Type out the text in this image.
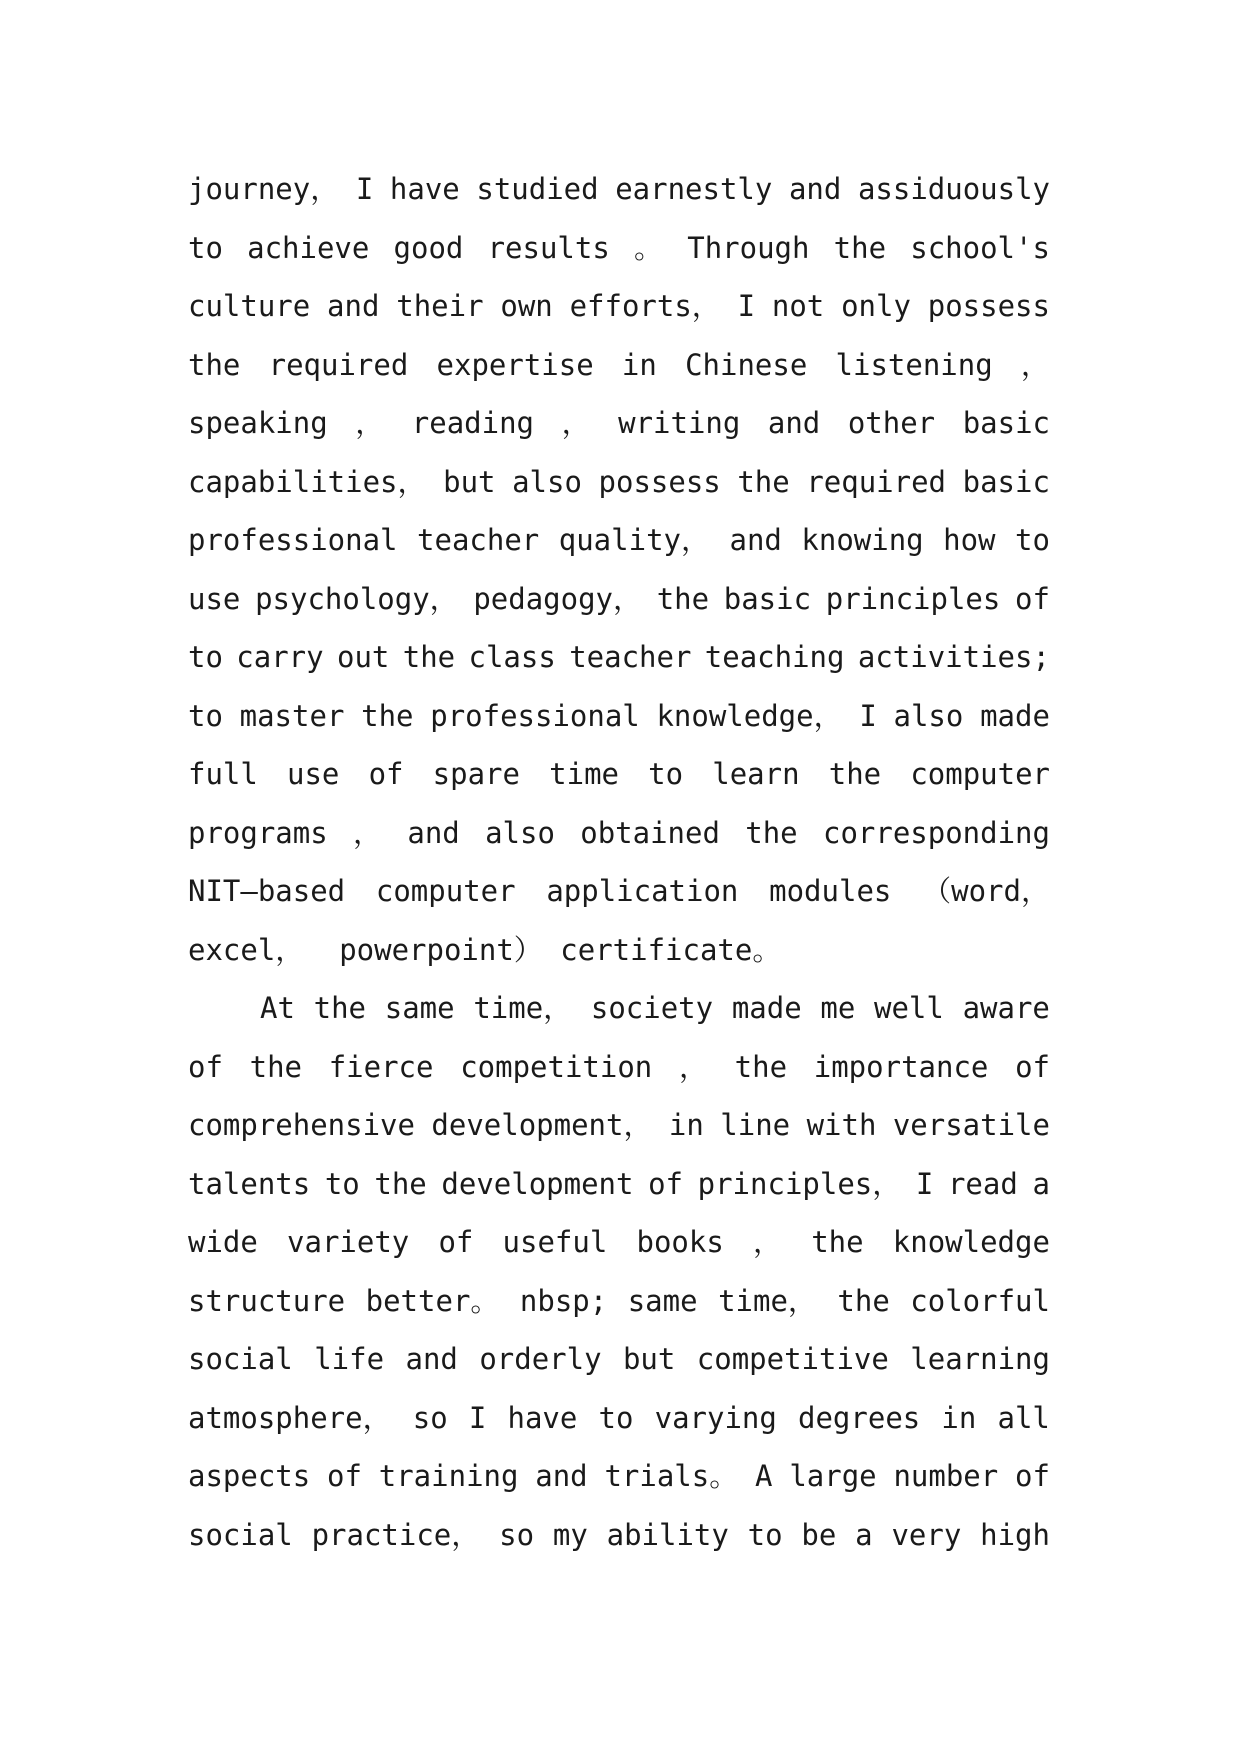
journey， I have studied earnestly and assiduously
to achieve good results 。 Through the school's
culture and their own efforts， I not only possess
the required expertise in Chinese listening ，
speaking ， reading ， writing and other basic
capabilities， but also possess the required basic
professional teacher quality， and knowing how to
use psychology， pedagogy， the basic principles of
to carry out the class teacher teaching activities;
to master the professional knowledge， I also made
full use of spare time to learn the computer
programs ， and also obtained the corresponding
NIT—based computer application modules （word，
excel，  powerpoint） certificate。
At the same time， society made me well aware
of the fierce competition ， the importance of
comprehensive development， in line with versatile
talents to the development of principles， I read a
wide variety of useful books ， the knowledge
structure better。 nbsp; same time， the colorful
social life and orderly but competitive learning
atmosphere， so I have to varying degrees in all
aspects of training and trials。 A large number of
social practice， so my ability to be a very high
